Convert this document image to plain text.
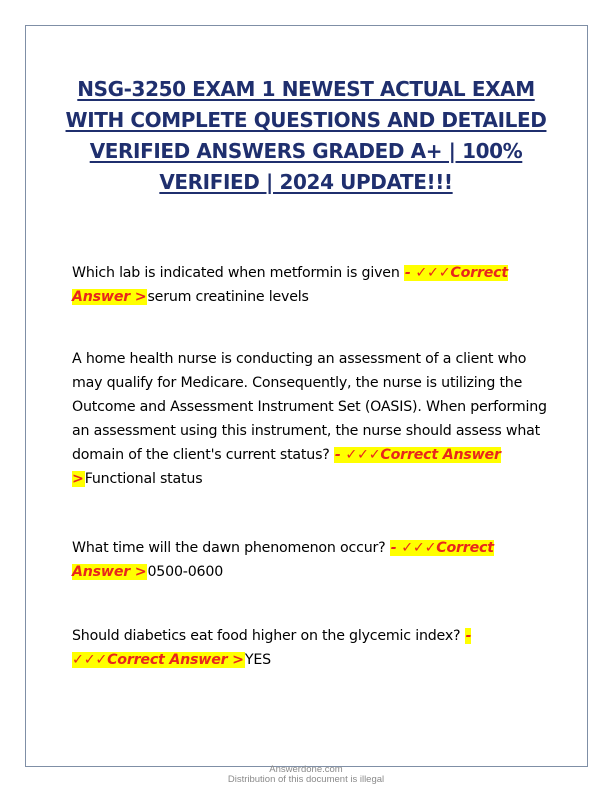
NSG-3250 EXAM 1 NEWEST ACTUAL EXAM WITH COMPLETE QUESTIONS AND DETAILED VERIFIED ANSWERS GRADED A+ | 100% VERIFIED | 2024 UPDATE!!!

Which lab is indicated when metformin is given - ✓✓✓Correct Answer >serum creatinine levels

A home health nurse is conducting an assessment of a client who may qualify for Medicare. Consequently, the nurse is utilizing the Outcome and Assessment Instrument Set (OASIS). When performing an assessment using this instrument, the nurse should assess what domain of the client's current status? - ✓✓✓Correct Answer >Functional status

What time will the dawn phenomenon occur? - ✓✓✓Correct Answer >0500-0600

Should diabetics eat food higher on the glycemic index? - ✓✓✓Correct Answer >YES

Answerdone.com
Distribution of this document is illegal
